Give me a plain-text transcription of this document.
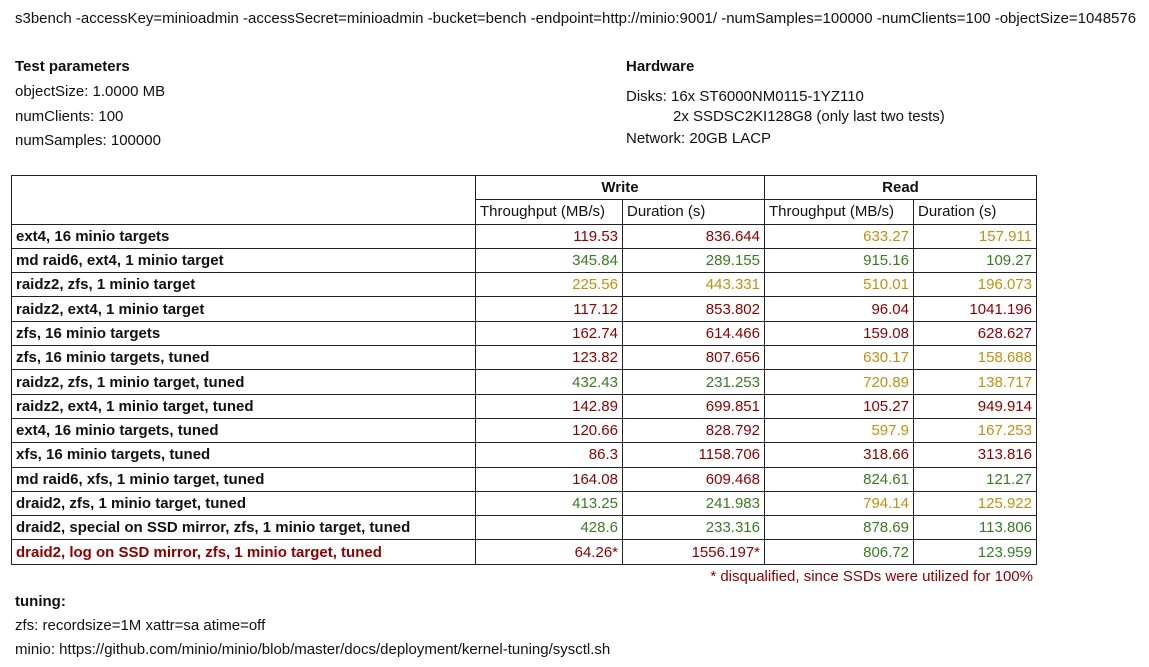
s3bench -accessKey=minioadmin -accessSecret=minioadmin -bucket=bench -endpoint=http://minio:9001/ -numSamples=100000 -numClients=100 -objectSize=1048576
Test parameters
objectSize: 1.0000 MB
numClients: 100
numSamples: 100000
Hardware
Disks: 16x ST6000NM0115-1YZ110
2x SSDSC2KI128G8 (only last two tests)
Network: 20GB LACP
	Write		Read	
	Throughput (MB/s)	Duration (s)	Throughput (MB/s)	Duration (s)
ext4, 16 minio targets	119.53	836.644	633.27	157.911
md raid6, ext4, 1 minio target	345.84	289.155	915.16	109.27
raidz2, zfs, 1 minio target	225.56	443.331	510.01	196.073
raidz2, ext4, 1 minio target	117.12	853.802	96.04	1041.196
zfs, 16 minio targets	162.74	614.466	159.08	628.627
zfs, 16 minio targets, tuned	123.82	807.656	630.17	158.688
raidz2, zfs, 1 minio target, tuned	432.43	231.253	720.89	138.717
raidz2, ext4, 1 minio target, tuned	142.89	699.851	105.27	949.914
ext4, 16 minio targets, tuned	120.66	828.792	597.9	167.253
xfs, 16 minio targets, tuned	86.3	1158.706	318.66	313.816
md raid6, xfs, 1 minio target, tuned	164.08	609.468	824.61	121.27
draid2, zfs, 1 minio target, tuned	413.25	241.983	794.14	125.922
draid2, special on SSD mirror, zfs, 1 minio target, tuned	428.6	233.316	878.69	113.806
draid2, log on SSD mirror, zfs, 1 minio target, tuned	64.26*	1556.197*	806.72	123.959
* disqualified, since SSDs were utilized for 100%
tuning:
zfs: recordsize=1M xattr=sa atime=off
minio: https://github.com/minio/minio/blob/master/docs/deployment/kernel-tuning/sysctl.sh
